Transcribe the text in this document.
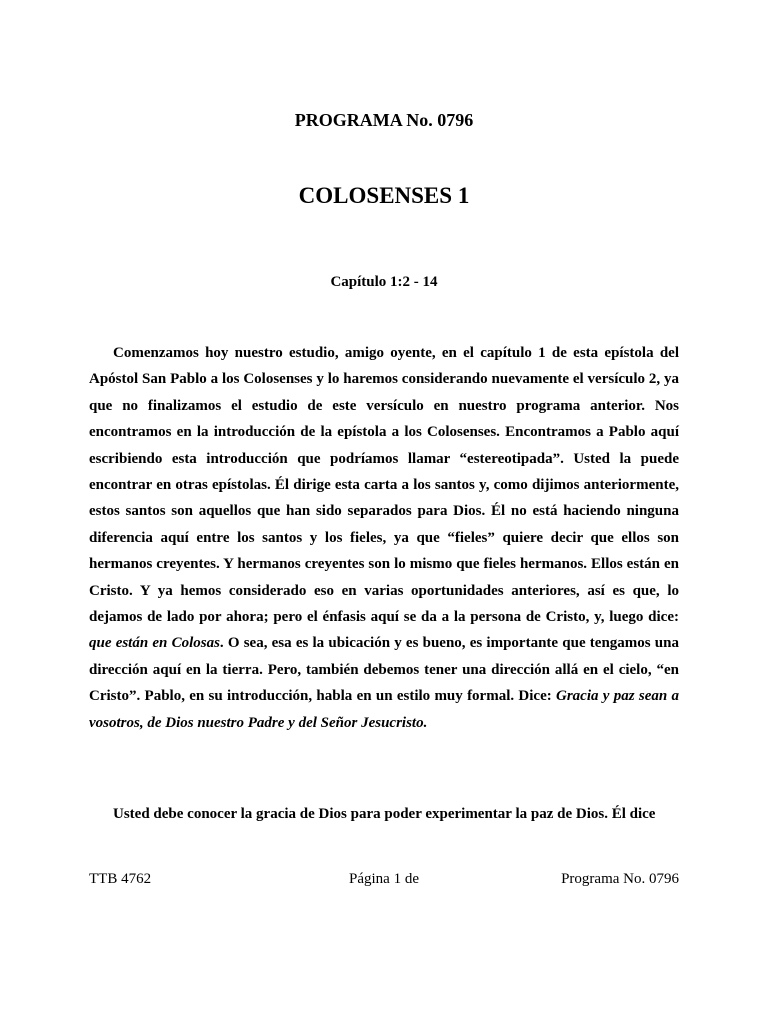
PROGRAMA No. 0796
COLOSENSES 1
Capítulo 1:2 - 14

Comenzamos hoy nuestro estudio, amigo oyente, en el capítulo 1 de esta epístola del Apóstol San Pablo a los Colosenses y lo haremos considerando nuevamente el versículo 2, ya que no finalizamos el estudio de este versículo en nuestro programa anterior. Nos encontramos en la introducción de la epístola a los Colosenses. Encontramos a Pablo aquí escribiendo esta introducción que podríamos llamar “estereotipada”. Usted la puede encontrar en otras epístolas. Él dirige esta carta a los santos y, como dijimos anteriormente, estos santos son aquellos que han sido separados para Dios. Él no está haciendo ninguna diferencia aquí entre los santos y los fieles, ya que “fieles” quiere decir que ellos son hermanos creyentes. Y hermanos creyentes son lo mismo que fieles hermanos. Ellos están en Cristo. Y ya hemos considerado eso en varias oportunidades anteriores, así es que, lo dejamos de lado por ahora; pero el énfasis aquí se da a la persona de Cristo, y, luego dice: que están en Colosas. O sea, esa es la ubicación y es bueno, es importante que tengamos una dirección aquí en la tierra. Pero, también debemos tener una dirección allá en el cielo, “en Cristo”. Pablo, en su introducción, habla en un estilo muy formal. Dice: Gracia y paz sean a vosotros, de Dios nuestro Padre y del Señor Jesucristo.

Usted debe conocer la gracia de Dios para poder experimentar la paz de Dios. Él dice

TTB 4762	Página 1 de	Programa No. 0796
